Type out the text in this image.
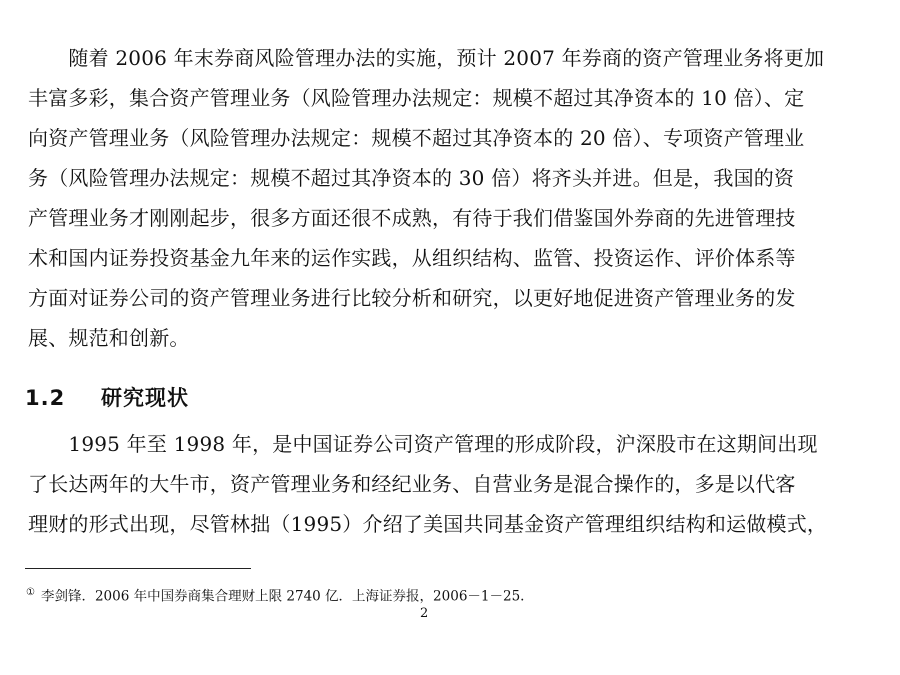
　　随着 2006 年末券商风险管理办法的实施，预计 2007 年券商的资产管理业务将更加
丰富多彩，集合资产管理业务（风险管理办法规定：规模不超过其净资本的 10 倍）、定
向资产管理业务（风险管理办法规定：规模不超过其净资本的 20 倍）、专项资产管理业
务（风险管理办法规定：规模不超过其净资本的 30 倍）将齐头并进。但是，我国的资
产管理业务才刚刚起步，很多方面还很不成熟，有待于我们借鉴国外券商的先进管理技
术和国内证券投资基金九年来的运作实践，从组织结构、监管、投资运作、评价体系等
方面对证券公司的资产管理业务进行比较分析和研究，以更好地促进资产管理业务的发
展、规范和创新。
1.2 研究现状
　　1995 年至 1998 年，是中国证券公司资产管理的形成阶段，沪深股市在这期间出现
了长达两年的大牛市，资产管理业务和经纪业务、自营业务是混合操作的，多是以代客
理财的形式出现，尽管林拙（1995）介绍了美国共同基金资产管理组织结构和运做模式，
① 李剑锋．2006 年中国券商集合理财上限 2740 亿．上海证券报，2006－1－25.
2
